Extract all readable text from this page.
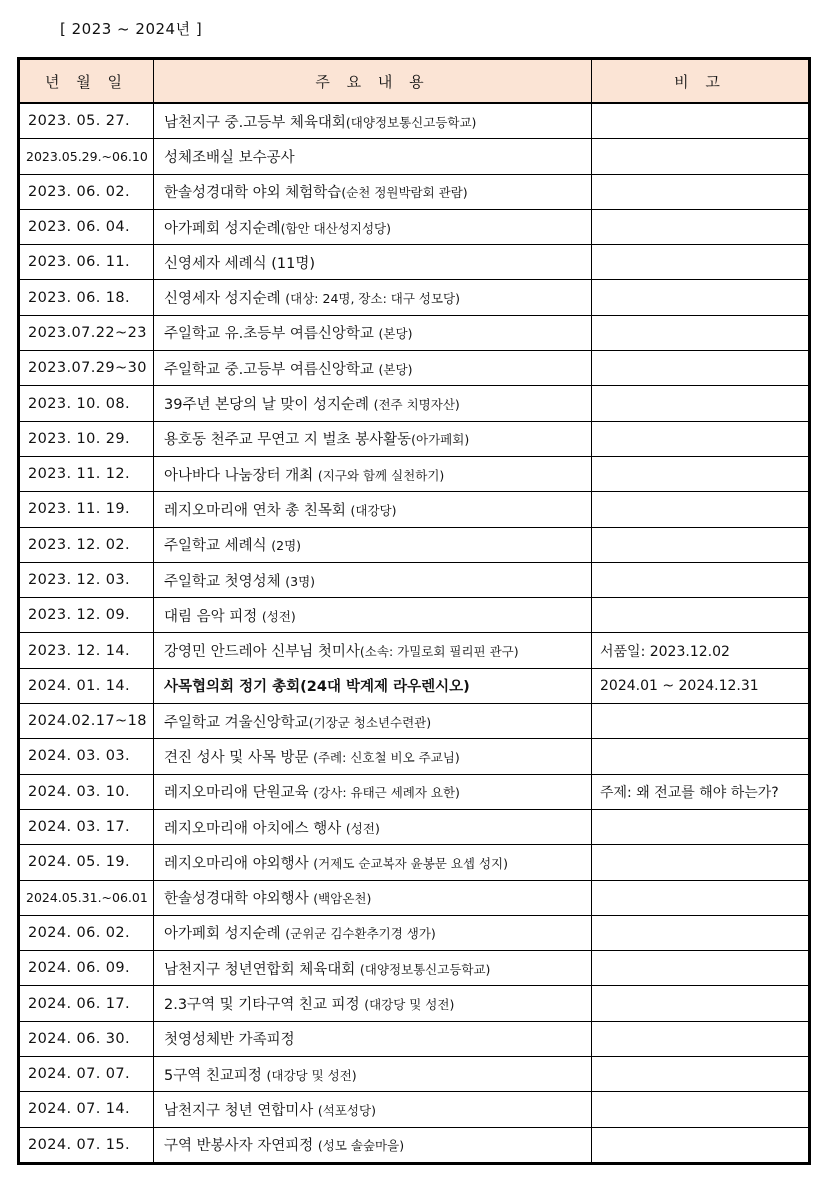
[ 2023 ~ 2024년 ]
년 월 일	주 요 내 용	비 고
2023. 05. 27.	남천지구 중.고등부 체육대회(대양정보통신고등학교)	
2023.05.29.~06.10	성체조배실 보수공사	
2023. 06. 02.	한솔성경대학 야외 체험학습(순천 정원박람회 관람)	
2023. 06. 04.	아가페회 성지순례(함안 대산성지성당)	
2023. 06. 11.	신영세자 세례식 (11명)	
2023. 06. 18.	신영세자 성지순례 (대상: 24명, 장소: 대구 성모당)	
2023.07.22~23	주일학교 유.초등부 여름신앙학교 (본당)	
2023.07.29~30	주일학교 중.고등부 여름신앙학교 (본당)	
2023. 10. 08.	39주년 본당의 날 맞이 성지순례 (전주 치명자산)	
2023. 10. 29.	용호동 천주교 무연고 지 벌초 봉사활동(아가페회)	
2023. 11. 12.	아나바다 나눔장터 개최 (지구와 함께 실천하기)	
2023. 11. 19.	레지오마리애 연차 총 친목회 (대강당)	
2023. 12. 02.	주일학교 세례식 (2명)	
2023. 12. 03.	주일학교 첫영성체 (3명)	
2023. 12. 09.	대림 음악 피정 (성전)	
2023. 12. 14.	강영민 안드레아 신부님 첫미사(소속: 가밀로회 필리핀 관구)	서품일: 2023.12.02
2024. 01. 14.	사목협의회 정기 총회(24대 박계제 라우렌시오)	2024.01 ~ 2024.12.31
2024.02.17~18	주일학교 겨울신앙학교(기장군 청소년수련관)	
2024. 03. 03.	견진 성사 및 사목 방문 (주례: 신호철 비오 주교님)	
2024. 03. 10.	레지오마리애 단원교육 (강사: 유태근 세례자 요한)	주제: 왜 전교를 해야 하는가?
2024. 03. 17.	레지오마리애 아치에스 행사 (성전)	
2024. 05. 19.	레지오마리애 야외행사 (거제도 순교복자 윤봉문 요셉 성지)	
2024.05.31.~06.01	한솔성경대학 야외행사 (백암온천)	
2024. 06. 02.	아가페회 성지순례 (군위군 김수환추기경 생가)	
2024. 06. 09.	남천지구 청년연합회 체육대회 (대양정보통신고등학교)	
2024. 06. 17.	2.3구역 및 기타구역 친교 피정 (대강당 및 성전)	
2024. 06. 30.	첫영성체반 가족피정	
2024. 07. 07.	5구역 친교피정 (대강당 및 성전)	
2024. 07. 14.	남천지구 청년 연합미사 (석포성당)	
2024. 07. 15.	구역 반봉사자 자연피정 (성모 솔숲마을)	
